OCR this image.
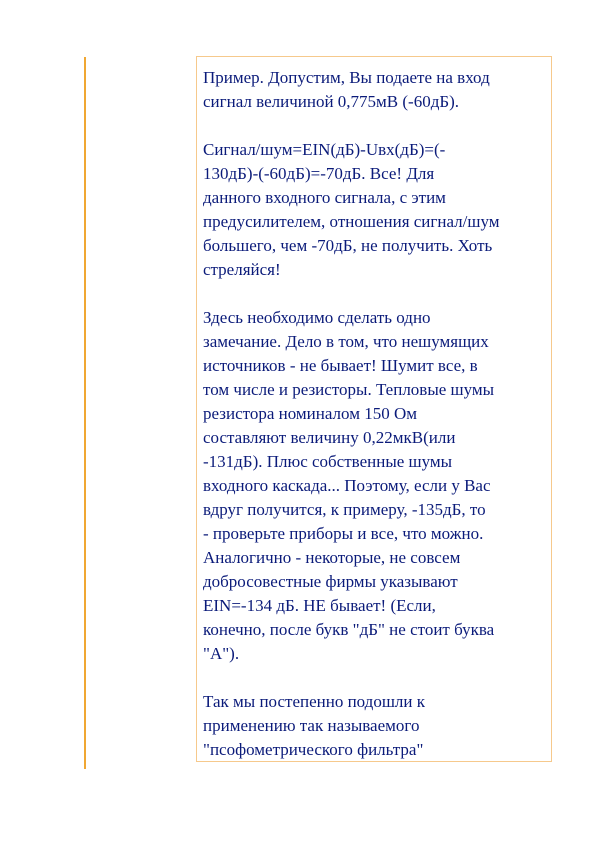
Пример. Допустим, Вы подаете на вход
сигнал величиной 0,775мВ (-60дБ).

Сигнал/шум=EIN(дБ)-Uвх(дБ)=(-
130дБ)-(-60дБ)=-70дБ. Все! Для
данного входного сигнала, с этим
предусилителем, отношения сигнал/шум
большего, чем -70дБ, не получить. Хоть
стреляйся!

Здесь необходимо сделать одно
замечание. Дело в том, что нешумящих
источников - не бывает! Шумит все, в
том числе и резисторы. Тепловые шумы
резистора номиналом 150 Ом
составляют величину 0,22мкВ(или
-131дБ). Плюс собственные шумы
входного каскада... Поэтому, если у Вас
вдруг получится, к примеру, -135дБ, то
- проверьте приборы и все, что можно.
Аналогично - некоторые, не совсем
добросовестные фирмы указывают
EIN=-134 дБ. НЕ бывает! (Если,
конечно, после букв "дБ" не стоит буква
"А").

Так мы постепенно подошли к
применению так называемого
"псофометрического фильтра"
